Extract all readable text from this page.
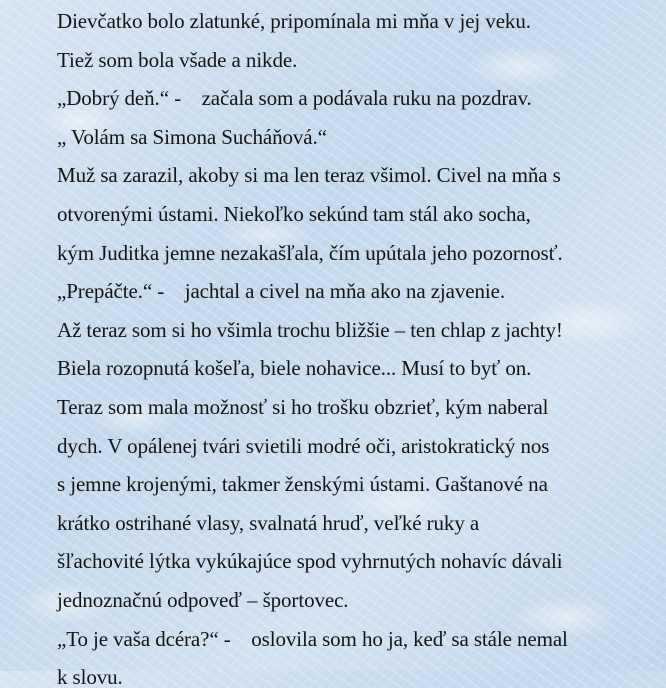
Dievčatko bolo zlatunké, pripomínala mi mňa v jej veku.
Tiež som bola všade a nikde.
„Dobrý deň.“ -    začala som a podávala ruku na pozdrav.
„ Volám sa Simona Sucháňová.“
Muž sa zarazil, akoby si ma len teraz všimol. Civel na mňa s
otvorenými ústami. Niekoľko sekúnd tam stál ako socha,
kým Juditka jemne nezakašľala, čím upútala jeho pozornosť.
„Prepáčte.“ -    jachtal a civel na mňa ako na zjavenie.
Až teraz som si ho všimla trochu bližšie – ten chlap z jachty!
Biela rozopnutá košeľa, biele nohavice... Musí to byť on.
Teraz som mala možnosť si ho trošku obzrieť, kým naberal
dych. V opálenej tvári svietili modré oči, aristokratický nos
s jemne krojenými, takmer ženskými ústami. Gaštanové na
krátko ostrihané vlasy, svalnatá hruď, veľké ruky a
šľachovité lýtka vykúkajúce spod vyhrnutých nohavíc dávali
jednoznačnú odpoveď – športovec.
„To je vaša dcéra?“ -    oslovila som ho ja, keď sa stále nemal
k slovu.
